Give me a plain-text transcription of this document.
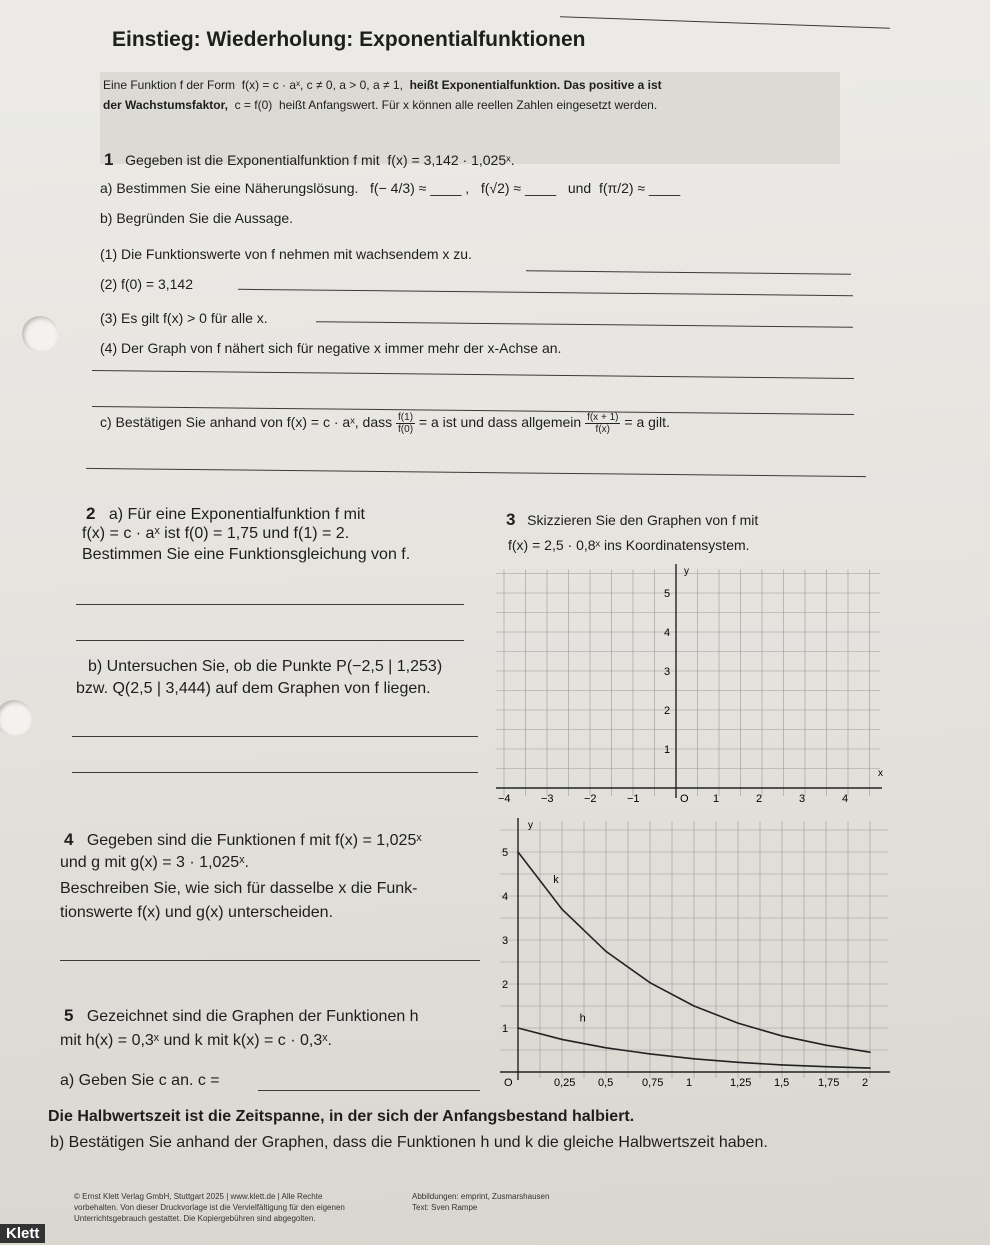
Einstieg: Wiederholung: Exponentialfunktionen
Eine Funktion f der Form f(x) = c · aˣ, c ≠ 0, a > 0, a ≠ 1, heißt Exponentialfunktion. Das positive a ist
der Wachstumsfaktor, c = f(0) heißt Anfangswert. Für x können alle reellen Zahlen eingesetzt werden.
1 Gegeben ist die Exponentialfunktion f mit f(x) = 3,142 · 1,025ˣ.
a) Bestimmen Sie eine Näherungslösung. f(− 4/3) ≈ ____ , f(√2) ≈ ____ und f(π/2) ≈ ____
b) Begründen Sie die Aussage.
(1) Die Funktionswerte von f nehmen mit wachsendem x zu.
(2) f(0) = 3,142
(3) Es gilt f(x) > 0 für alle x.
(4) Der Graph von f nähert sich für negative x immer mehr der x-Achse an.
c) Bestätigen Sie anhand von f(x) = c · aˣ, dass $\frac{f(1)}{f(0)} = a$ ist und dass allgemein $\frac{f(x + 1)}{f(x)} = a$ gilt.
2 a) Für eine Exponentialfunktion f mit
f(x) = c · aˣ ist f(0) = 1,75 und f(1) = 2.
Bestimmen Sie eine Funktionsgleichung von f.
b) Untersuchen Sie, ob die Punkte P(−2,5 | 1,253)
bzw. Q(2,5 | 3,444) auf dem Graphen von f liegen.
3 Skizzieren Sie den Graphen von f mit
f(x) = 2,5 · 0,8ˣ ins Koordinatensystem.
y
x
−4	−3	−2	−1	O 1	2	3	4
1
2
3
4
5
4 Gegeben sind die Funktionen f mit f(x) = 1,025ˣ
und g mit g(x) = 3 · 1,025ˣ.
Beschreiben Sie, wie sich für dasselbe x die Funk-
tionswerte f(x) und g(x) unterscheiden.
5 Gezeichnet sind die Graphen der Funktionen h
mit h(x) = 0,3ˣ und k mit k(x) = c · 0,3ˣ.
a) Geben Sie c an. c =
y
O	0,25 0,5	0,75 1	1,25 1,5	1,75 2
1
2
3
4
5
k
h
Die Halbwertszeit ist die Zeitspanne, in der sich der Anfangsbestand halbiert.
b) Bestätigen Sie anhand der Graphen, dass die Funktionen h und k die gleiche Halbwertszeit haben.
© Ernst Klett Verlag GmbH, Stuttgart 2025 | www.klett.de | Alle Rechte
vorbehalten. Von dieser Druckvorlage ist die Vervielfältigung für den eigenen
Unterrichtsgebrauch gestattet. Die Kopiergebühren sind abgegolten.
Abbildungen: emprint, Zusmarshausen
Text: Sven Rampe
Klett
